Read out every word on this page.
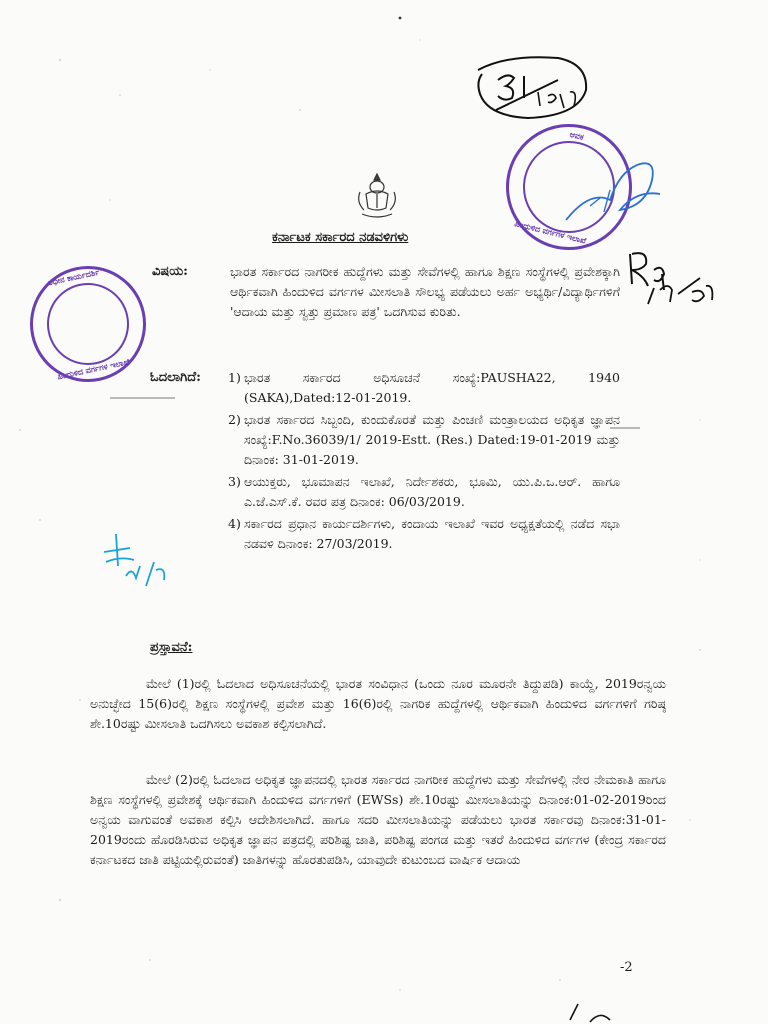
ಕರ್ನಾಟಕ ಸರ್ಕಾರದ ನಡವಳಿಗಳು
ವಿಷಯ:	ಭಾರತ ಸರ್ಕಾರದ ನಾಗರೀಕ ಹುದ್ದೆಗಳು ಮತ್ತು ಸೇವೆಗಳಲ್ಲಿ ಹಾಗೂ ಶಿಕ್ಷಣ ಸಂಸ್ಥೆಗಳಲ್ಲಿ ಪ್ರವೇಶಕ್ಕಾಗಿ ಆರ್ಥಿಕವಾಗಿ ಹಿಂದುಳಿದ ವರ್ಗಗಳ ಮೀಸಲಾತಿ ಸೌಲಭ್ಯ ಪಡೆಯಲು ಅರ್ಹ ಅಭ್ಯರ್ಥಿ/ವಿದ್ಯಾರ್ಥಿಗಳಿಗೆ 'ಆದಾಯ ಮತ್ತು ಸ್ವತ್ತು ಪ್ರಮಾಣ ಪತ್ರ' ಒದಗಿಸುವ ಕುರಿತು.
ಓದಲಾಗಿದೆ: 1) ಭಾರತ ಸರ್ಕಾರದ ಅಧಿಸೂಚನೆ ಸಂಖ್ಯೆ:PAUSHA22, 1940 (SAKA),Dated:12-01-2019.
2) ಭಾರತ ಸರ್ಕಾರದ ಸಿಬ್ಬಂದಿ, ಕುಂದುಕೊರತೆ ಮತ್ತು ಪಿಂಚಣಿ ಮಂತ್ರಾಲಯದ ಅಧಿಕೃತ ಜ್ಞಾಪನ ಸಂಖ್ಯೆ:F.No.36039/1/ 2019-Estt. (Res.) Dated:19-01-2019 ಮತ್ತು ದಿನಾಂಕ: 31-01-2019.
3) ಆಯುಕ್ತರು, ಭೂಮಾಪನ ಇಲಾಖೆ, ನಿರ್ದೇಶಕರು, ಭೂಮಿ, ಯು.ಪಿ.ಒ.ಆರ್. ಹಾಗೂ ಎ.ಜೆ.ಎಸ್.ಕೆ. ರವರ ಪತ್ರ ದಿನಾಂಕ: 06/03/2019.
4) ಸರ್ಕಾರದ ಪ್ರಧಾನ ಕಾರ್ಯದರ್ಶಿಗಳು, ಕಂದಾಯ ಇಲಾಖೆ ಇವರ ಅಧ್ಯಕ್ಷತೆಯಲ್ಲಿ ನಡೆದ ಸಭಾ ನಡವಳಿ ದಿನಾಂಕ: 27/03/2019.
ಪ್ರಸ್ತಾವನೆ:

ಮೇಲೆ (1)ರಲ್ಲಿ ಓದಲಾದ ಅಧಿಸೂಚನೆಯಲ್ಲಿ ಭಾರತ ಸಂವಿಧಾನ (ಒಂದು ನೂರ ಮೂರನೇ ತಿದ್ದುಪಡಿ) ಕಾಯ್ದೆ, 2019ರನ್ವಯ ಅನುಚ್ಛೇದ 15(6)ರಲ್ಲಿ ಶಿಕ್ಷಣ ಸಂಸ್ಥೆಗಳಲ್ಲಿ ಪ್ರವೇಶ ಮತ್ತು 16(6)ರಲ್ಲಿ ನಾಗರಿಕ ಹುದ್ದೆಗಳಲ್ಲಿ ಆರ್ಥಿಕವಾಗಿ ಹಿಂದುಳಿದ ವರ್ಗಗಳಿಗೆ ಗರಿಷ್ಠ ಶೇ.10ರಷ್ಟು ಮೀಸಲಾತಿ ಒದಗಿಸಲು ಅವಕಾಶ ಕಲ್ಪಿಸಲಾಗಿದೆ.

ಮೇಲೆ (2)ರಲ್ಲಿ ಓದಲಾದ ಅಧಿಕೃತ ಜ್ಞಾಪನದಲ್ಲಿ ಭಾರತ ಸರ್ಕಾರದ ನಾಗರೀಕ ಹುದ್ದೆಗಳು ಮತ್ತು ಸೇವೆಗಳಲ್ಲಿ ನೇರ ನೇಮಕಾತಿ ಹಾಗೂ ಶಿಕ್ಷಣ ಸಂಸ್ಥೆಗಳಲ್ಲಿ ಪ್ರವೇಶಕ್ಕೆ ಆರ್ಥಿಕವಾಗಿ ಹಿಂದುಳಿದ ವರ್ಗಗಳಿಗೆ (EWSs) ಶೇ.10ರಷ್ಟು ಮೀಸಲಾತಿಯನ್ನು ದಿನಾಂಕ:01-02-2019ರಿಂದ ಅನ್ವಯ ವಾಗುವಂತೆ ಅವಕಾಶ ಕಲ್ಪಿಸಿ ಆದೇಶಿಸಲಾಗಿದೆ. ಹಾಗೂ ಸದರಿ ಮೀಸಲಾತಿಯನ್ನು ಪಡೆಯಲು ಭಾರತ ಸರ್ಕಾರವು ದಿನಾಂಕ:31-01-2019ರಂದು ಹೊರಡಿಸಿರುವ ಅಧಿಕೃತ ಜ್ಞಾಪನ ಪತ್ರದಲ್ಲಿ ಪರಿಶಿಷ್ಟ ಜಾತಿ, ಪರಿಶಿಷ್ಟ ಪಂಗಡ ಮತ್ತು ಇತರೆ ಹಿಂದುಳಿದ ವರ್ಗಗಳ (ಕೇಂದ್ರ ಸರ್ಕಾರದ ಕರ್ನಾಟಕದ ಜಾತಿ ಪಟ್ಟಿಯಲ್ಲಿರುವಂತೆ) ಜಾತಿಗಳನ್ನು ಹೊರತುಪಡಿಸಿ, ಯಾವುದೇ ಕುಟುಂಬದ ವಾರ್ಷಿಕ ಆದಾಯ

-2
ಅಧೀನ ಕಾರ್ಯದರ್ಶಿ
ಹಿಂದುಳಿದ ವರ್ಗಗಳ ಇಲಾಖೆ
ಆವಕ
ಹಿಂದುಳಿದ ವರ್ಗಗಳ ಇಲಾಖೆ
